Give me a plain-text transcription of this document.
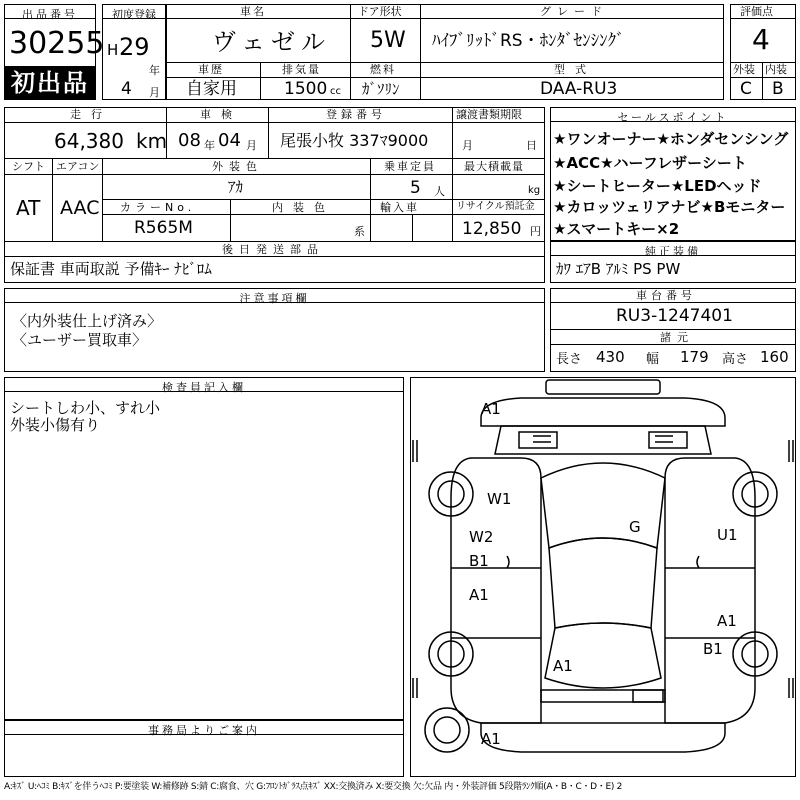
出品番号
30255
初出品
初度登録
H 29
年
4 月
車名
ヴェゼル
ドア形状
5W
グレード
ﾊｲﾌﾞﾘｯﾄﾞRS・ﾎﾝﾀﾞｾﾝｼﾝｸﾞ
車歴
自家用
排気量
1500 cc
燃料
ｶﾞｿﾘﾝ
型式
DAA-RU3
評価点
4
外装 内装
C B
走行
64,380 km
車検
08 年 04 月
登録番号
尾張小牧 337ﾏ9000
譲渡書類期限
月	日
シフト
AT
エアコン
AAC
外装色
ｱｶ
乗車定員
5 人
最大積載量
kg
カラーNo.
R565M
内装色
系
輸入車	リサイクル預託金
12,850 円
後日発送部品
保証書 車両取説 予備ｷｰ ﾅﾋﾞﾛﾑ
セールスポイント
★ワンオーナー★ホンダセンシング
★ACC★ハーフレザーシート
★シートヒーター★LEDヘッド
★カロッツェリアナビ★Bモニター
★スマートキー×2
純正装備
ｶﾜ ｴｱB ｱﾙﾐ PS PW
注意事項欄
〈内外装仕上げ済み〉
〈ユーザー買取車〉
車台番号
RU3-1247401
諸元
長さ 430 幅 179 高さ 160
検査員記入欄
シートしわ小、すれ小
外装小傷有り
事務局よりご案内
A1
W1
G
W2
B1
U1
A1
A1
B1
A1
A1
A:ｷｽﾞ U:ﾍｺﾐ B:ｷｽﾞを伴うﾍｺﾐ P:要塗装 W:補修跡 S:錆 C:腐食、穴 G:ﾌﾛﾝﾄｶﾞﾗｽ点ｷｽﾞ XX:交換済み X:要交換 欠:欠品 内・外装評価 5段階ﾗﾝｸ順(A・B・C・D・E) 2
